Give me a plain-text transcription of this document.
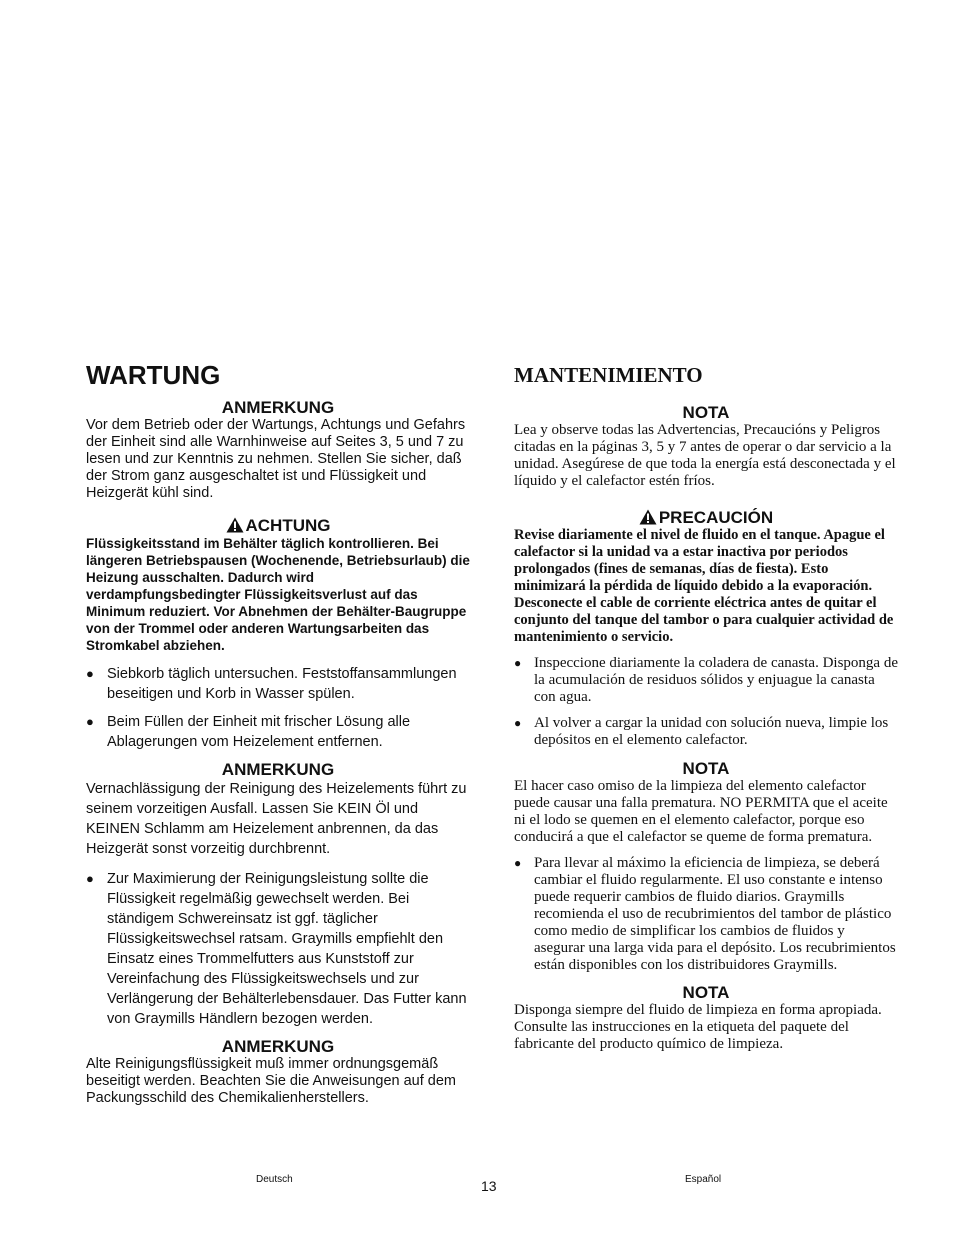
WARTUNG
ANMERKUNG

Vor dem Betrieb oder der Wartungs, Achtungs und Gefahrs der Einheit sind alle Warnhinweise auf Seites 3, 5 und 7 zu lesen und zur Kenntnis zu nehmen. Stellen Sie sicher, daß der Strom ganz ausgeschaltet ist und Flüssigkeit und Heizgerät kühl sind.

ACHTUNG

Flüssigkeitsstand im Behälter täglich kontrollieren. Bei längeren Betriebspausen (Wochenende, Betriebsurlaub) die Heizung ausschalten. Dadurch wird verdampfungsbedingter Flüssigkeitsverlust auf das Minimum reduziert. Vor Abnehmen der Behälter-Baugruppe von der Trommel oder anderen Wartungsarbeiten das Stromkabel abziehen.

● Siebkorb täglich untersuchen. Feststoffansammlungen beseitigen und Korb in Wasser spülen.
● Beim Füllen der Einheit mit frischer Lösung alle Ablagerungen vom Heizelement entfernen.
ANMERKUNG

Vernachlässigung der Reinigung des Heizelements führt zu seinem vorzeitigen Ausfall. Lassen Sie KEIN Öl und KEINEN Schlamm am Heizelement anbrennen, da das Heizgerät sonst vorzeitig durchbrennt.

● Zur Maximierung der Reinigungsleistung sollte die Flüssigkeit regelmäßig gewechselt werden. Bei ständigem Schwereinsatz ist ggf. täglicher Flüssigkeitswechsel ratsam. Graymills empfiehlt den Einsatz eines Trommelfutters aus Kunststoff zur Vereinfachung des Flüssigkeitswechsels und zur Verlängerung der Behälterlebensdauer. Das Futter kann von Graymills Händlern bezogen werden.
ANMERKUNG

Alte Reinigungsflüssigkeit muß immer ordnungsgemäß beseitigt werden. Beachten Sie die Anweisungen auf dem Packungsschild des Chemikalienherstellers.

MANTENIMIENTO
NOTA

Lea y observe todas las Advertencias, Precaucións y Peligros citadas en la páginas 3, 5 y 7 antes de operar o dar servicio a la unidad. Asegúrese de que toda la energía está desconectada y el líquido y el calefactor estén fríos.

PRECAUCIÓN

Revise diariamente el nivel de fluido en el tanque. Apague el calefactor si la unidad va a estar inactiva por periodos prolongados (fines de semanas, días de fiesta). Esto minimizará la pérdida de líquido debido a la evaporación. Desconecte el cable de corriente eléctrica antes de quitar el conjunto del tanque del tambor o para cualquier actividad de mantenimiento o servicio.

● Inspeccione diariamente la coladera de canasta. Disponga de la acumulación de residuos sólidos y enjuague la canasta con agua.
● Al volver a cargar la unidad con solución nueva, limpie los depósitos en el elemento calefactor.
NOTA

El hacer caso omiso de la limpieza del elemento calefactor puede causar una falla prematura. NO PERMITA que el aceite ni el lodo se quemen en el elemento calefactor, porque eso conducirá a que el calefactor se queme de forma prematura.

● Para llevar al máximo la eficiencia de limpieza, se deberá cambiar el fluido regularmente. El uso constante e intenso puede requerir cambios de fluido diarios. Graymills recomienda el uso de recubrimientos del tambor de plástico como medio de simplificar los cambios de fluidos y asegurar una larga vida para el depósito. Los recubrimientos están disponibles con los distribuidores Graymills.
NOTA

Disponga siempre del fluido de limpieza en forma apropiada. Consulte las instrucciones en la etiqueta del paquete del fabricante del producto químico de limpieza.

Deutsch	13	Español
